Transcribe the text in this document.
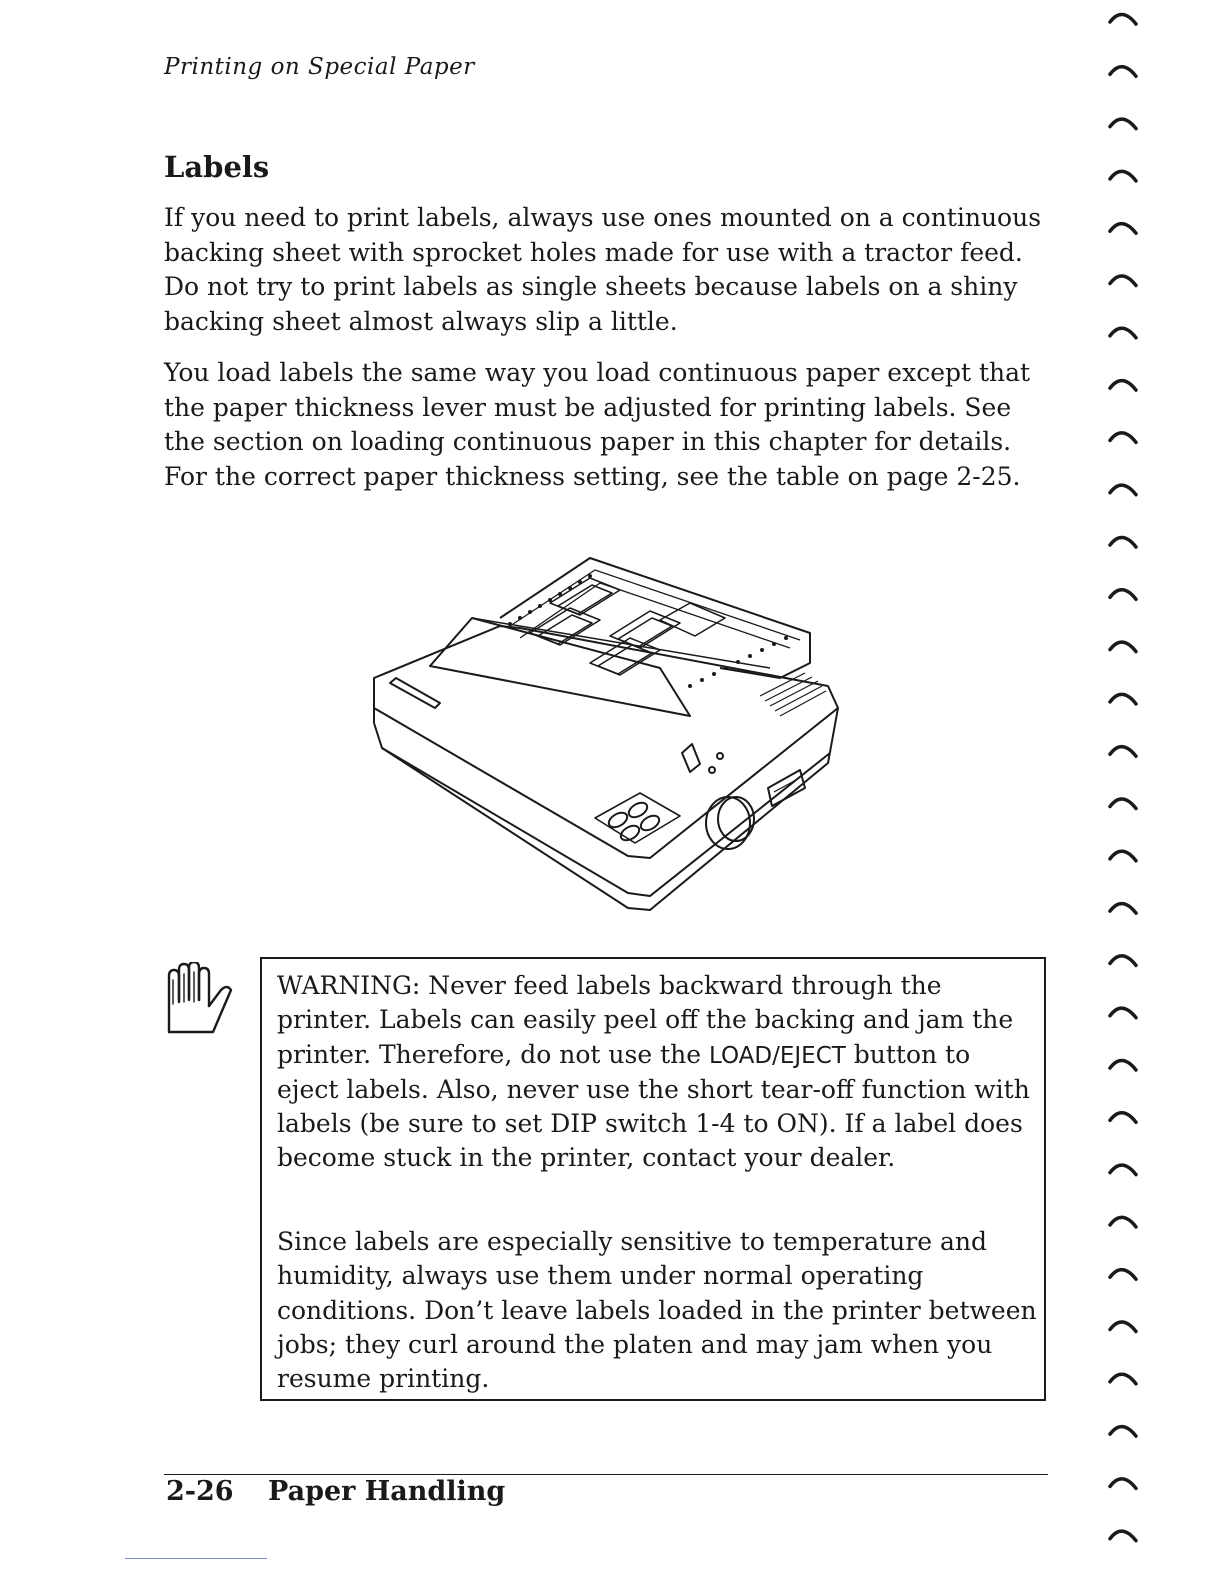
Printing on Special Paper
Labels

If you need to print labels, always use ones mounted on a continuous backing sheet with sprocket holes made for use with a tractor feed. Do not try to print labels as single sheets because labels on a shiny backing sheet almost always slip a little.

You load labels the same way you load continuous paper except that the paper thickness lever must be adjusted for printing labels. See the section on loading continuous paper in this chapter for details. For the correct paper thickness setting, see the table on page 2-25.

WARNING: Never feed labels backward through the printer. Labels can easily peel off the backing and jam the printer. Therefore, do not use the LOAD/EJECT button to eject labels. Also, never use the short tear-off function with labels (be sure to set DIP switch 1-4 to ON). If a label does become stuck in the printer, contact your dealer.

Since labels are especially sensitive to temperature and humidity, always use them under normal operating conditions. Don’t leave labels loaded in the printer between jobs; they curl around the platen and may jam when you resume printing.

2-26 Paper Handling
